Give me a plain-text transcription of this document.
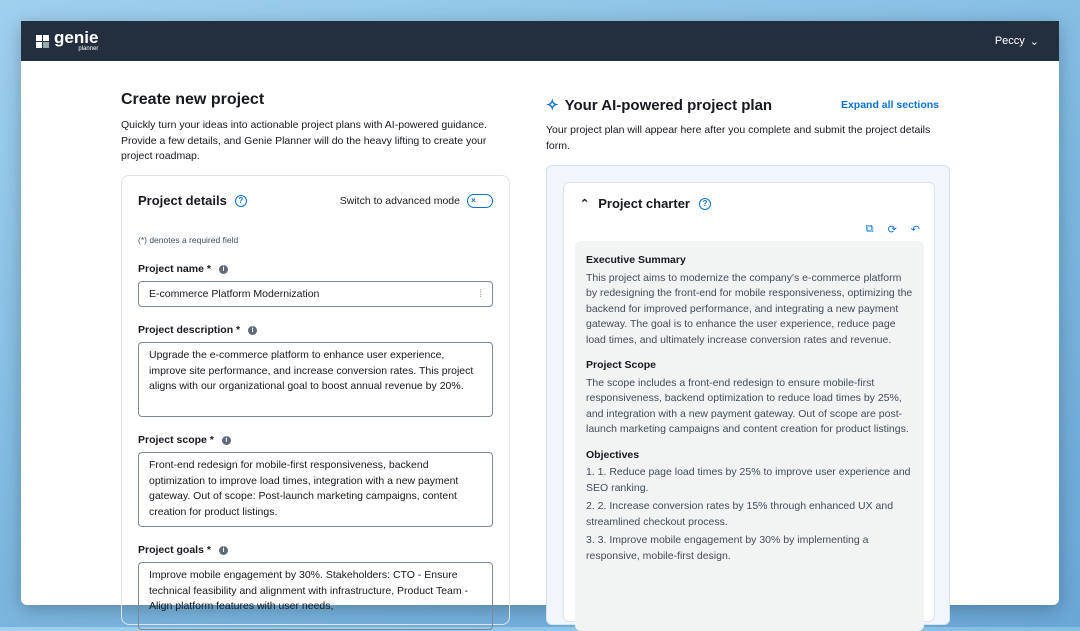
genie
planner
Peccy ⌄
Create new project

Quickly turn your ideas into actionable project plans with AI-powered guidance. Provide a few details, and Genie Planner will do the heavy lifting to create your project roadmap.

Project details	?	Switch to advanced mode	×
(*) denotes a required field
Project name *	i
E-commerce Platform Modernization	⁞
Project description *	i
Upgrade the e-commerce platform to enhance user experience, improve site performance, and increase conversion rates. This project aligns with our organizational goal to boost annual revenue by 20%.
Project scope *	i
Front-end redesign for mobile-first responsiveness, backend optimization to improve load times, integration with a new payment gateway. Out of scope: Post-launch marketing campaigns, content creation for product listings.
Project goals *	i
Improve mobile engagement by 30%. Stakeholders: CTO - Ensure technical feasibility and alignment with infrastructure, Product Team - Align platform features with user needs,
✧ Your AI-powered project plan	Expand all sections

Your project plan will appear here after you complete and submit the project details form.

⌃ Project charter	?
⧉ ⟳ ↶
Executive Summary

This project aims to modernize the company's e-commerce platform by redesigning the front-end for mobile responsiveness, optimizing the backend for improved performance, and integrating a new payment gateway. The goal is to enhance the user experience, reduce page load times, and ultimately increase conversion rates and revenue.

Project Scope

The scope includes a front-end redesign to ensure mobile-first responsiveness, backend optimization to reduce load times by 25%, and integration with a new payment gateway. Out of scope are post-launch marketing campaigns and content creation for product listings.

Objectives
1. 1. Reduce page load times by 25% to improve user experience and SEO ranking.
2. 2. Increase conversion rates by 15% through enhanced UX and streamlined checkout process.
3. 3. Improve mobile engagement by 30% by implementing a responsive, mobile-first design.
